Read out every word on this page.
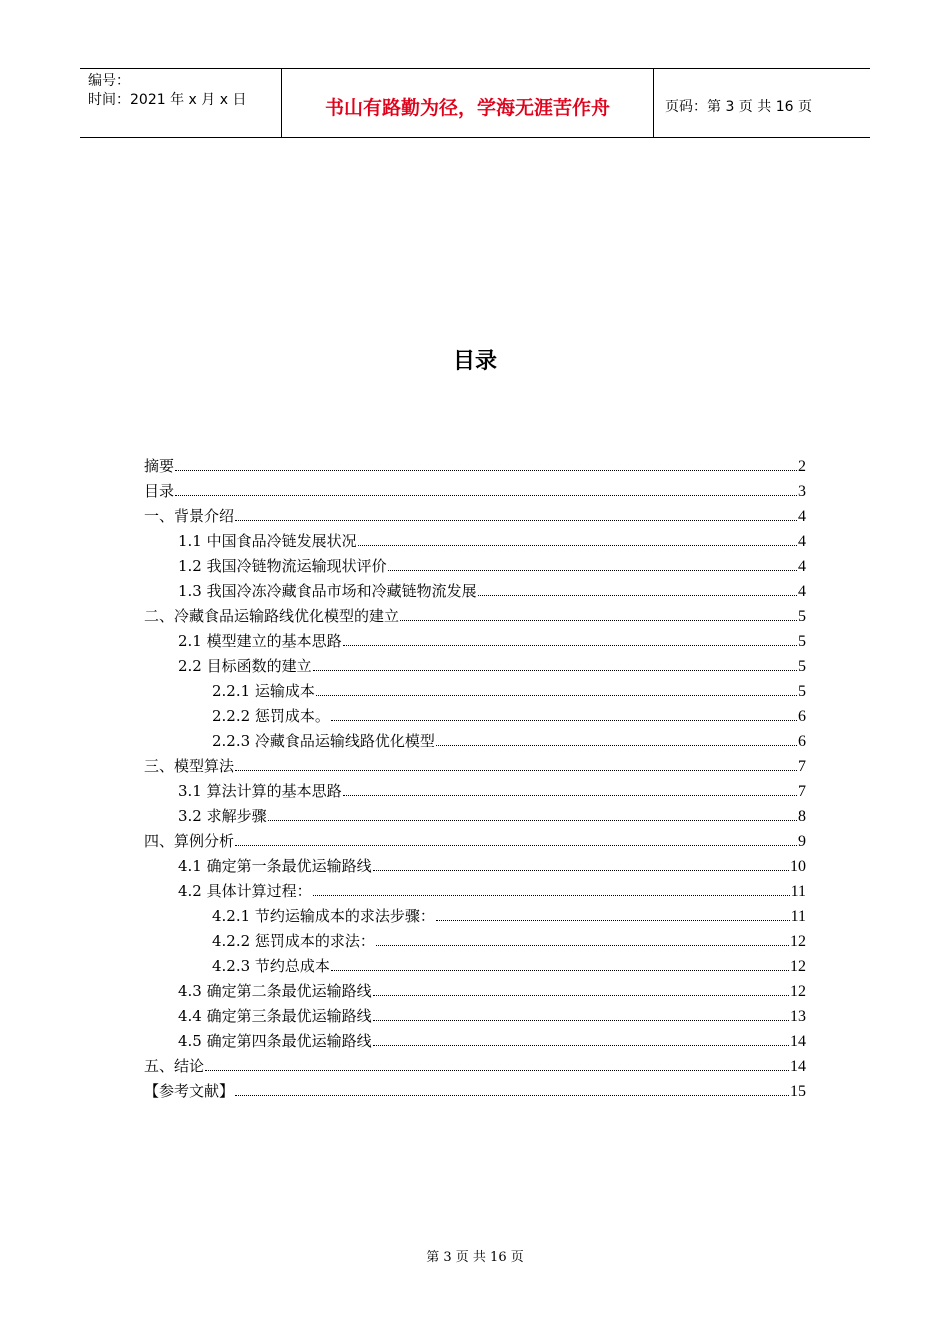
编号：
时间：2021 年 x 月 x 日	书山有路勤为径，学海无涯苦作舟	页码：第 3 页 共 16 页
目录
摘要	2
目录	3
一、背景介绍	4
1.1 中国食品冷链发展状况	4
1.2 我国冷链物流运输现状评价	4
1.3 我国冷冻冷藏食品市场和冷藏链物流发展	4
二、冷藏食品运输路线优化模型的建立	5
2.1 模型建立的基本思路	5
2.2 目标函数的建立	5
2.2.1 运输成本	5
2.2.2 惩罚成本。	6
2.2.3 冷藏食品运输线路优化模型	6
三、模型算法	7
3.1 算法计算的基本思路	7
3.2 求解步骤	8
四、算例分析	9
4.1 确定第一条最优运输路线	10
4.2 具体计算过程：	11
4.2.1 节约运输成本的求法步骤：	11
4.2.2 惩罚成本的求法：	12
4.2.3 节约总成本	12
4.3 确定第二条最优运输路线	12
4.4 确定第三条最优运输路线	13
4.5 确定第四条最优运输路线	14
五、结论	14
【参考文献】	15
第 3 页 共 16 页
